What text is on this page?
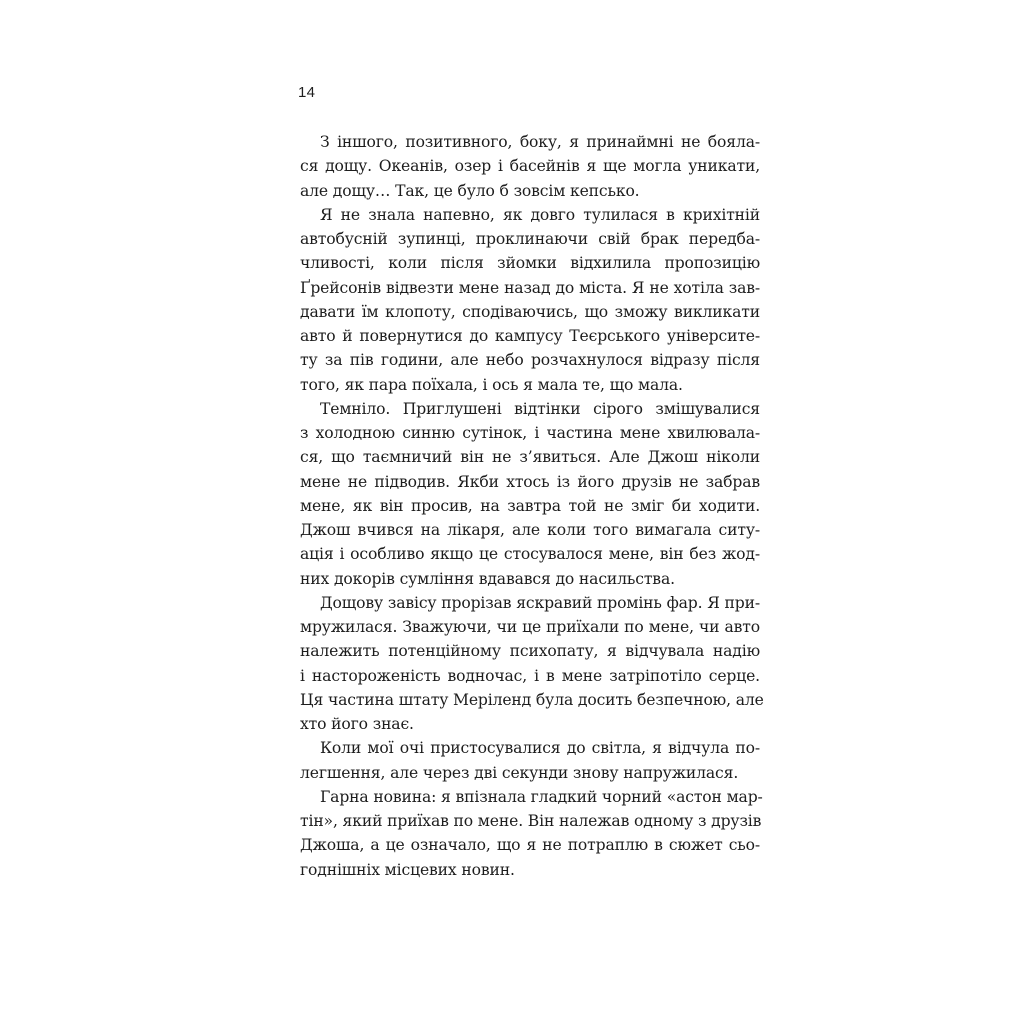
14
З іншого, позитивного, боку, я принаймні не бояла-
ся дощу. Океанів, озер і басейнів я ще могла уникати,
але дощу… Так, це було б зовсім кепсько.
Я не знала напевно, як довго тулилася в крихітній
автобусній зупинці, проклинаючи свій брак передба-
чливості, коли після зйомки відхилила пропозицію
Ґрейсонів відвезти мене назад до міста. Я не хотіла зав-
давати їм клопоту, сподіваючись, що зможу викликати
авто й повернутися до кампусу Теєрського університе-
ту за пів години, але небо розчахнулося відразу після
того, як пара поїхала, і ось я мала те, що мала.
Темніло. Приглушені відтінки сірого змішувалися
з холодною синню сутінок, і частина мене хвилювала-
ся, що таємничий він не з’явиться. Але Джош ніколи
мене не підводив. Якби хтось із його друзів не забрав
мене, як він просив, на завтра той не зміг би ходити.
Джош вчився на лікаря, але коли того вимагала ситу-
ація і особливо якщо це стосувалося мене, він без жод-
них докорів сумління вдавався до насильства.
Дощову завісу прорізав яскравий промінь фар. Я при-
мружилася. Зважуючи, чи це приїхали по мене, чи авто
належить потенційному психопату, я відчувала надію
і настороженість водночас, і в мене затріпотіло серце.
Ця частина штату Меріленд була досить безпечною, але
хто його знає.
Коли мої очі пристосувалися до світла, я відчула по-
легшення, але через дві секунди знову напружилася.
Гарна новина: я впізнала гладкий чорний «астон мар-
тін», який приїхав по мене. Він належав одному з друзів
Джоша, а це означало, що я не потраплю в сюжет сьо-
годнішніх місцевих новин.
